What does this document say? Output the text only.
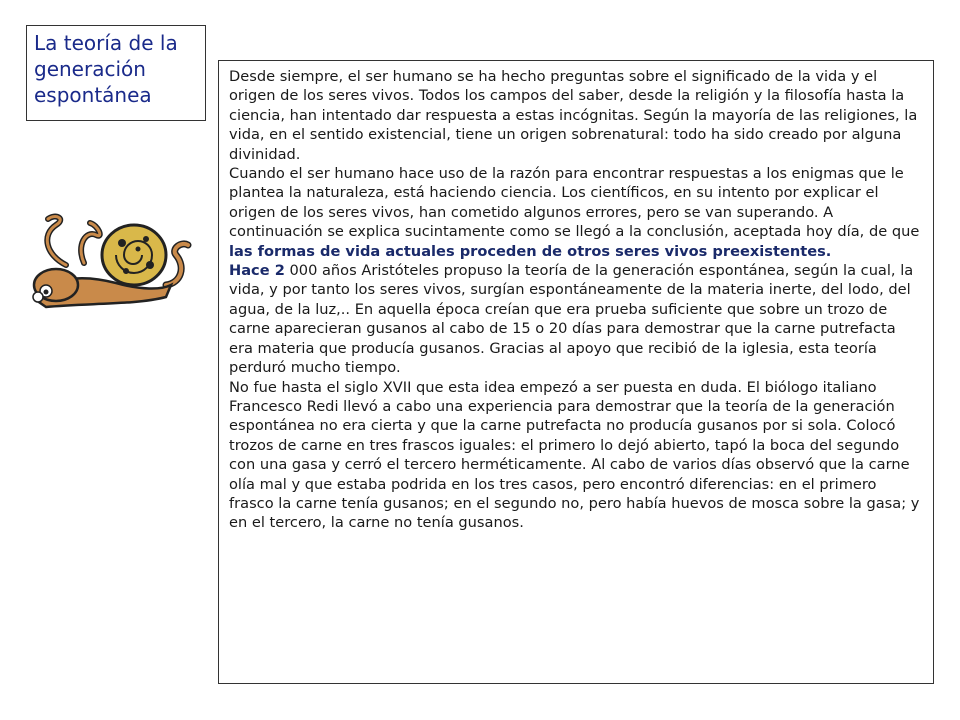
La teoría de la generación espontánea

Desde siempre, el ser humano se ha hecho preguntas sobre el significado de la vida y el origen de los seres vivos. Todos los campos del saber, desde la religión y la filosofía hasta la ciencia, han intentado dar respuesta a estas incógnitas. Según la mayoría de las religiones, la vida, en el sentido existencial, tiene un origen sobrenatural: todo ha sido creado por alguna divinidad.

Cuando el ser humano hace uso de la razón para encontrar respuestas a los enigmas que le plantea la naturaleza, está haciendo ciencia. Los científicos, en su intento por explicar el origen de los seres vivos, han cometido algunos errores, pero se van superando. A continuación se explica sucintamente como se llegó a la conclusión, aceptada hoy día, de que las formas de vida actuales proceden de otros seres vivos preexistentes.

Hace 2 000 años Aristóteles propuso la teoría de la generación espontánea, según la cual, la vida, y por tanto los seres vivos, surgían espontáneamente de la materia inerte, del lodo, del agua, de la luz,.. En aquella época creían que era prueba suficiente que sobre un trozo de carne aparecieran gusanos al cabo de 15 o 20 días para demostrar que la carne putrefacta era materia que producía gusanos. Gracias al apoyo que recibió de la iglesia, esta teoría perduró mucho tiempo.

No fue hasta el siglo XVII que esta idea empezó a ser puesta en duda. El biólogo italiano Francesco Redi llevó a cabo una experiencia para demostrar que la teoría de la generación espontánea no era cierta y que la carne putrefacta no producía gusanos por si sola. Colocó trozos de carne en tres frascos iguales: el primero lo dejó abierto, tapó la boca del segundo con una gasa y cerró el tercero herméticamente. Al cabo de varios días observó que la carne olía mal y que estaba podrida en los tres casos, pero encontró diferencias: en el primero frasco la carne tenía gusanos; en el segundo no, pero había huevos de mosca sobre la gasa; y en el tercero, la carne no tenía gusanos.
